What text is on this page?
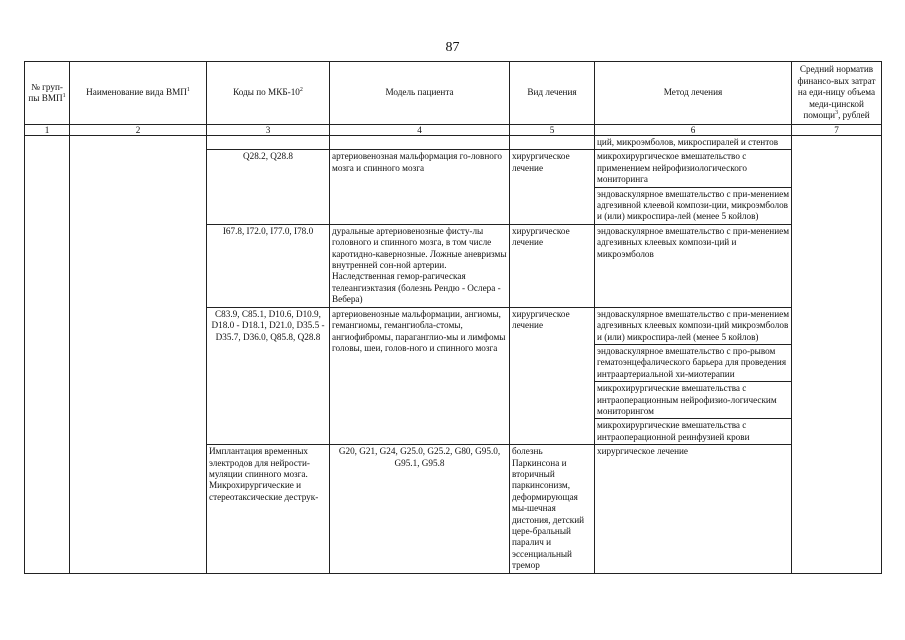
87
№ груп-пы ВМП$^1$	Наименование вида ВМП$^1$	Коды по МКБ-$10^2$	Модель пациента	Вид лечения	Метод лечения	Средний норматив финансо-вых затрат на еди-ницу объема меди-цинской помощи$^3$, рублей	
1	2	3	4	5	6	7	
					ций, микроэмболов, микроспиралей и стентов		
		Q28.2, Q28.8	артериовенозная мальформация го-ловного мозга и спинного мозга	хирургическое лечение	микрохирургическое вмешательство с применением нейрофизиологического мониторинга		
					эндоваскулярное вмешательство с при-менением адгезивной клеевой компози-ции, микроэмболов и (или) микроспира-лей (менее 5 койлов)		
		I67.8, I72.0, I77.0, I78.0	дуральные артериовенозные фисту-лы головного и спинного мозга, в том числе каротидно-кавернозные. Ложные аневризмы внутренней сон-ной артерии. Наследственная гемор-рагическая телеангиэктазия (болезнь Рендю - Ослера - Вебера)	хирургическое лечение	эндоваскулярное вмешательство с при-менением адгезивных клеевых компози-ций и микроэмболов		
		C83.9, C85.1, D10.6, D10.9, D18.0 - D18.1, D21.0, D35.5 - D35.7, D36.0, Q85.8, Q28.8	артериовенозные мальформации, ангиомы, гемангиомы, гемангиобла-стомы, ангиофибромы, параганглио-мы и лимфомы головы, шеи, голов-ного и спинного мозга	хирургическое лечение	эндоваскулярное вмешательство с при-менением адгезивных клеевых компози-ций микроэмболов и (или) микроспира-лей (менее 5 койлов)		
					эндоваскулярное вмешательство с про-рывом гематоэнцефалического барьера для проведения интраартериальной хи-миотерапии		
					микрохирургические вмешательства с интраоперационным нейрофизио-логическим мониторингом		
					микрохирургические вмешательства с интраоперационной реинфузией крови		
		Имплантация временных электродов для нейрости-муляции спинного мозга. Микрохирургические и стереотаксические деструк-	G20, G21, G24, G25.0, G25.2, G80, G95.0, G95.1, G95.8	болезнь Паркинсона и вторичный паркинсонизм, деформирующая мы-шечная дистония, детский цере-бральный паралич и эссенциальный тремор	хирургическое лечение	
